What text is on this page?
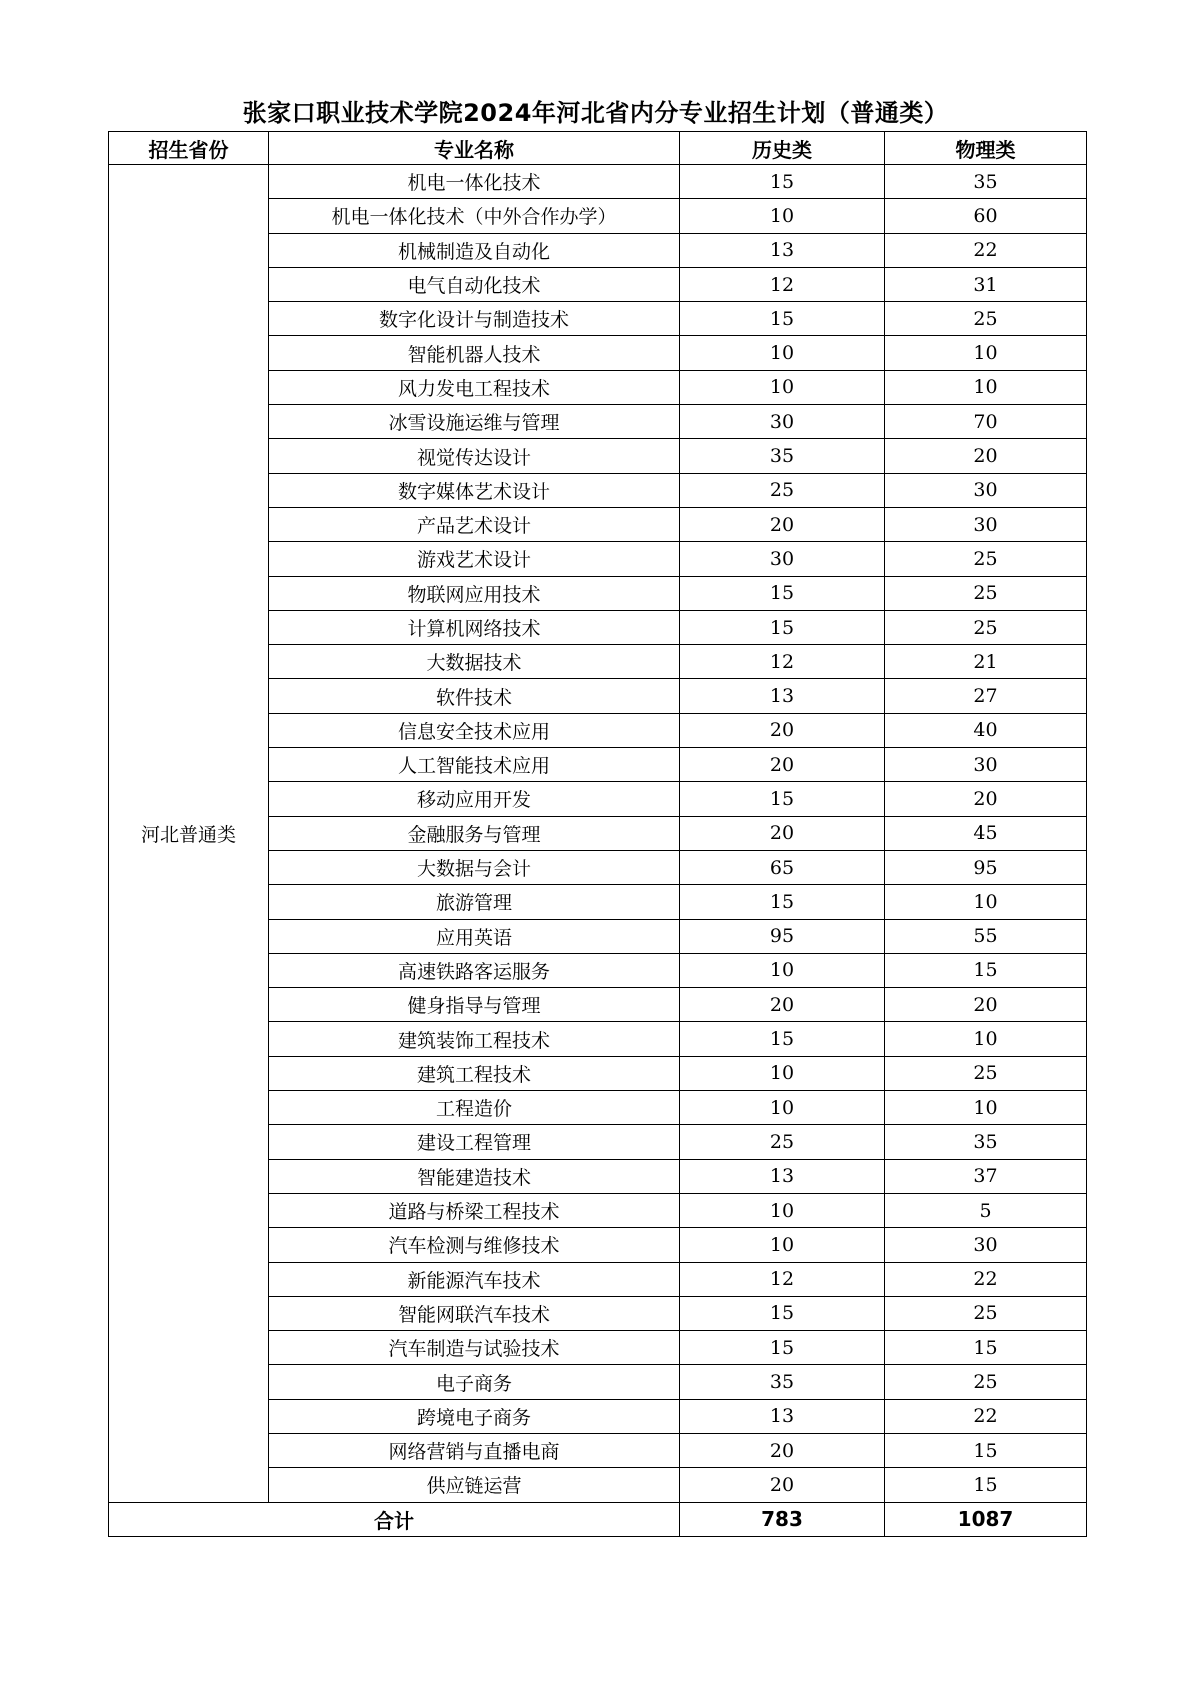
张家口职业技术学院2024年河北省内分专业招生计划（普通类）
招生省份	专业名称	历史类	物理类
河北普通类	机电一体化技术	15	35
	机电一体化技术（中外合作办学）	10	60
	机械制造及自动化	13	22
	电气自动化技术	12	31
	数字化设计与制造技术	15	25
	智能机器人技术	10	10
	风力发电工程技术	10	10
	冰雪设施运维与管理	30	70
	视觉传达设计	35	20
	数字媒体艺术设计	25	30
	产品艺术设计	20	30
	游戏艺术设计	30	25
	物联网应用技术	15	25
	计算机网络技术	15	25
	大数据技术	12	21
	软件技术	13	27
	信息安全技术应用	20	40
	人工智能技术应用	20	30
	移动应用开发	15	20
	金融服务与管理	20	45
	大数据与会计	65	95
	旅游管理	15	10
	应用英语	95	55
	高速铁路客运服务	10	15
	健身指导与管理	20	20
	建筑装饰工程技术	15	10
	建筑工程技术	10	25
	工程造价	10	10
	建设工程管理	25	35
	智能建造技术	13	37
	道路与桥梁工程技术	10	5
	汽车检测与维修技术	10	30
	新能源汽车技术	12	22
	智能网联汽车技术	15	25
	汽车制造与试验技术	15	15
	电子商务	35	25
	跨境电子商务	13	22
	网络营销与直播电商	20	15
	供应链运营	20	15
合计		783	1087
